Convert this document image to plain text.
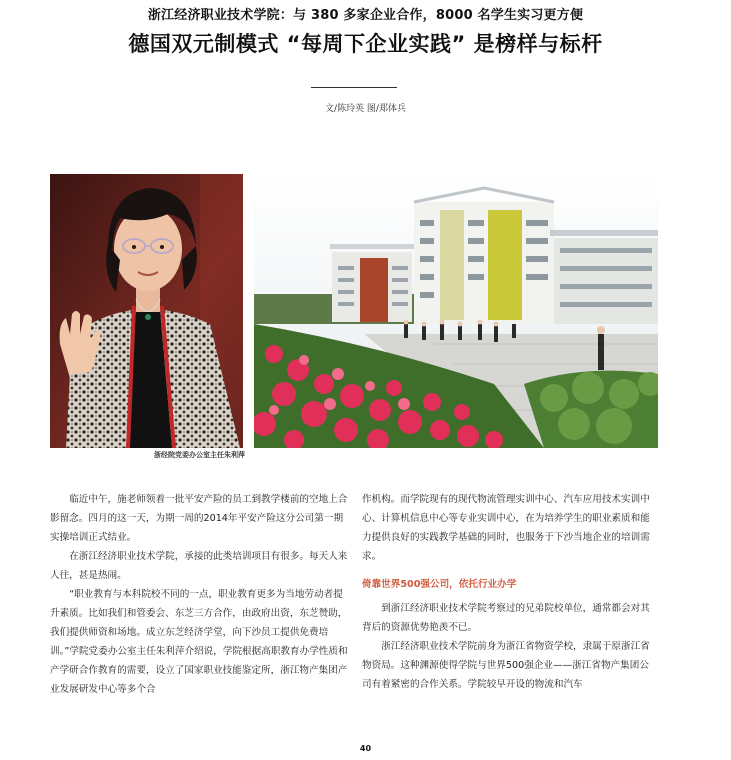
浙江经济职业技术学院：与 380 多家企业合作，8000 名学生实习更方便
德国双元制模式 “每周下企业实践” 是榜样与标杆
文/陈玲英 图/郑体兵
浙经院党委办公室主任朱利萍

临近中午，施老师领着一批平安产险的员工到教学楼前的空地上合影留念。四月的这一天，为期一周的2014年平安产险这分公司第一期实操培训正式结业。

在浙江经济职业技术学院，承接的此类培训项目有很多。每天人来人往，甚是热闹。

“职业教育与本科院校不同的一点，职业教育更多为当地劳动者提升素质。比如我们和管委会、东芝三方合作，由政府出资，东芝赞助，我们提供师资和场地。成立东芝经济学堂，向下沙员工提供免费培训。”学院党委办公室主任朱利萍介绍说，学院根据高职教育办学性质和产学研合作教育的需要，设立了国家职业技能鉴定所，浙江物产集团产业发展研发中心等多个合

作机构。而学院现有的现代物流管理实训中心、汽车应用技术实训中心、计算机信息中心等专业实训中心，在为培养学生的职业素质和能力提供良好的实践教学基础的同时，也服务于下沙当地企业的培训需求。

倚靠世界500强公司，依托行业办学

到浙江经济职业技术学院考察过的兄弟院校单位，通常都会对其背后的资源优势艳羡不已。

浙江经济职业技术学院前身为浙江省物资学校，隶属于原浙江省物资局。这种渊源使得学院与世界500强企业——浙江省物产集团公司有着紧密的合作关系。学院较早开设的物流和汽车

40
